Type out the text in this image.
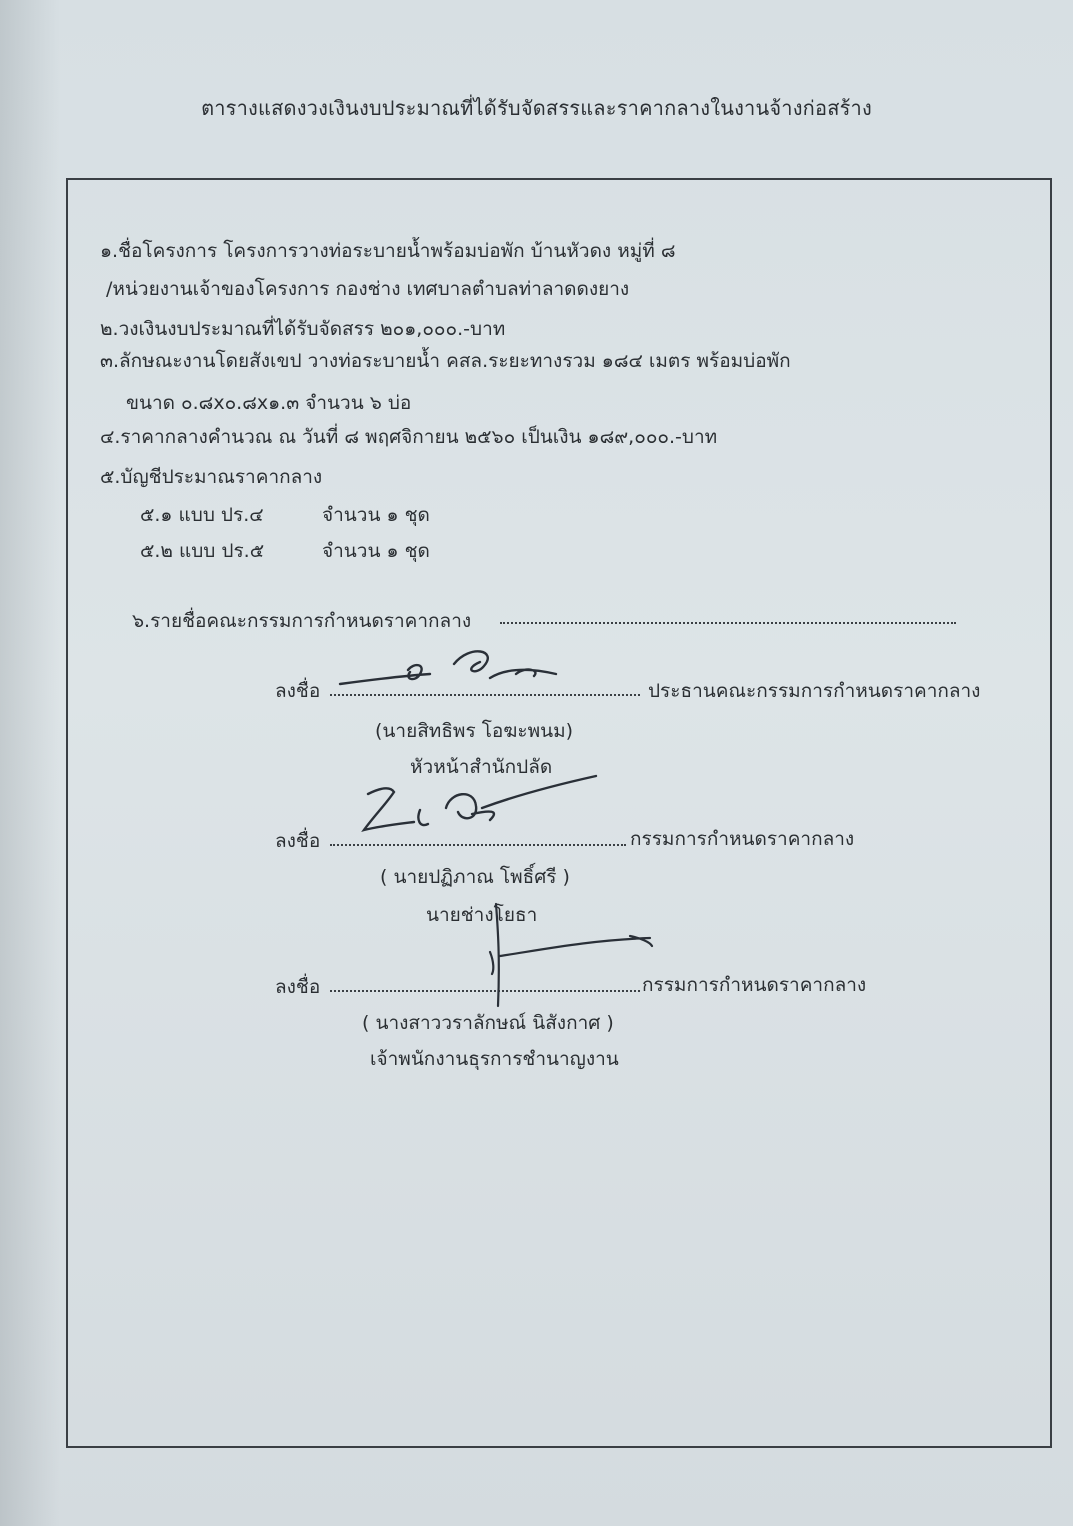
ตารางแสดงวงเงินงบประมาณที่ได้รับจัดสรรและราคากลางในงานจ้างก่อสร้าง
๑.ชื่อโครงการ โครงการวางท่อระบายน้ำพร้อมบ่อพัก บ้านหัวดง หมู่ที่ ๘
/หน่วยงานเจ้าของโครงการ กองช่าง เทศบาลตำบลท่าลาดดงยาง
๒.วงเงินงบประมาณที่ได้รับจัดสรร ๒๐๑,๐๐๐.-บาท
๓.ลักษณะงานโดยสังเขป วางท่อระบายน้ำ คสล.ระยะทางรวม ๑๘๔ เมตร พร้อมบ่อพัก
ขนาด ๐.๘x๐.๘x๑.๓ จำนวน ๖ บ่อ
๔.ราคากลางคำนวณ ณ วันที่ ๘ พฤศจิกายน ๒๕๖๐ เป็นเงิน ๑๘๙,๐๐๐.-บาท
๕.บัญชีประมาณราคากลาง
๕.๑ แบบ ปร.๔	จำนวน ๑ ชุด
๕.๒ แบบ ปร.๕	จำนวน ๑ ชุด
๖.รายชื่อคณะกรรมการกำหนดราคากลาง
ลงชื่อ	ประธานคณะกรรมการกำหนดราคากลาง
(นายสิทธิพร โอฆะพนม)
หัวหน้าสำนักปลัด
ลงชื่อ	กรรมการกำหนดราคากลาง
( นายปฏิภาณ โพธิ์ศรี )
นายช่างโยธา
ลงชื่อ	กรรมการกำหนดราคากลาง
( นางสาววราลักษณ์ นิสังกาศ )
เจ้าพนักงานธุรการชำนาญงาน
